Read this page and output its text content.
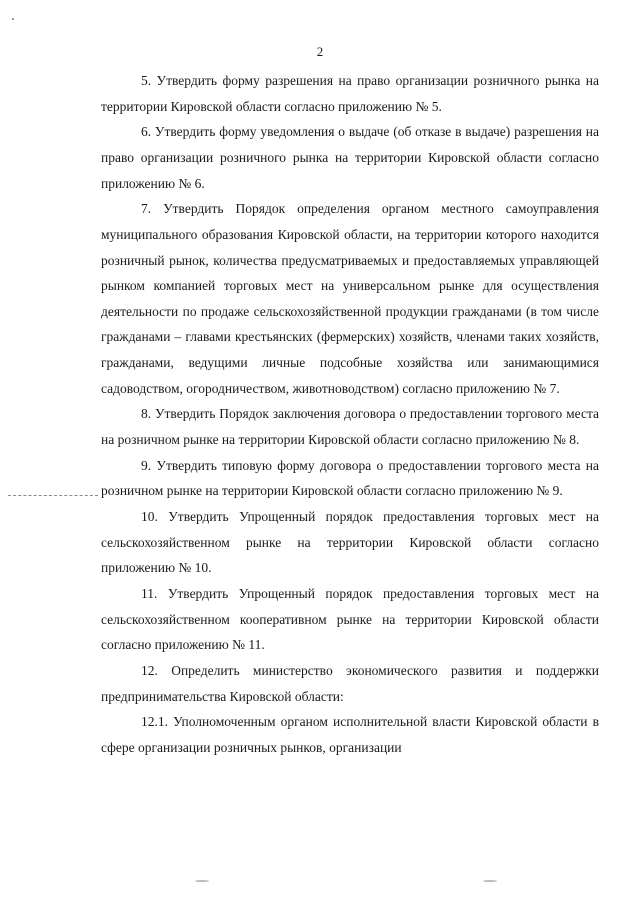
2

5. Утвердить форму разрешения на право организации розничного рынка на территории Кировской области согласно приложению № 5.

6. Утвердить форму уведомления о выдаче (об отказе в выдаче) разрешения на право организации розничного рынка на территории Кировской области согласно приложению № 6.

7. Утвердить Порядок определения органом местного самоуправления муниципального образования Кировской области, на территории которого находится розничный рынок, количества предусматриваемых и предоставляемых управляющей рынком компанией торговых мест на универсальном рынке для осуществления деятельности по продаже сельскохозяйственной продукции гражданами (в том числе гражданами – главами крестьянских (фермерских) хозяйств, членами таких хозяйств, гражданами, ведущими личные подсобные хозяйства или занимающимися садоводством, огородничеством, животноводством) согласно приложению № 7.

8. Утвердить Порядок заключения договора о предоставлении торгового места на розничном рынке на территории Кировской области согласно приложению № 8.

9. Утвердить типовую форму договора о предоставлении торгового места на розничном рынке на территории Кировской области согласно приложению № 9.

10. Утвердить Упрощенный порядок предоставления торговых мест на сельскохозяйственном рынке на территории Кировской области согласно приложению № 10.

11. Утвердить Упрощенный порядок предоставления торговых мест на сельскохозяйственном кооперативном рынке на территории Кировской области согласно приложению № 11.

12. Определить министерство экономического развития и поддержки предпринимательства Кировской области:

12.1. Уполномоченным органом исполнительной власти Кировской области в сфере организации розничных рынков, организации
